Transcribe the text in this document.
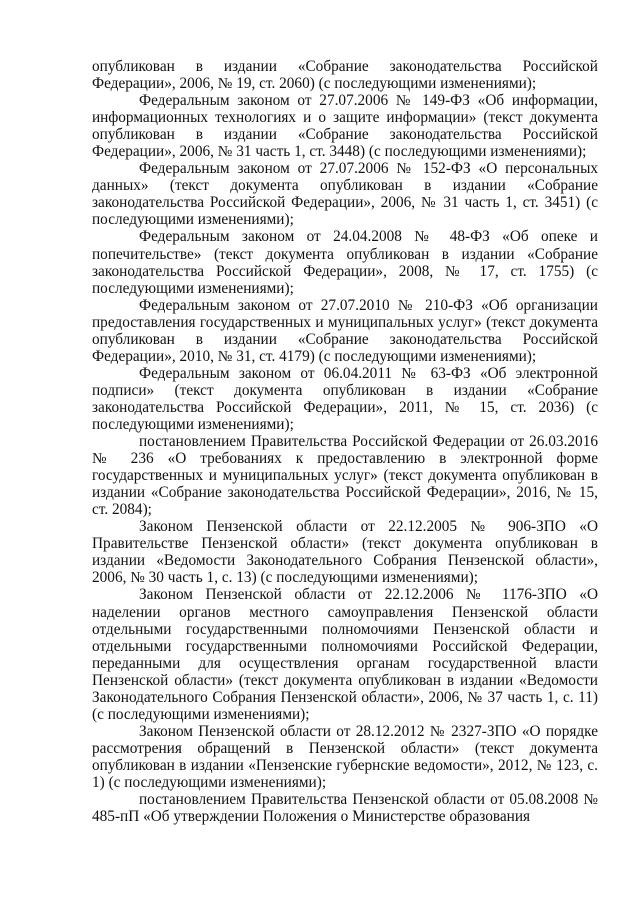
опубликован в издании «Собрание законодательства Российской Федерации», 2006, № 19, ст. 2060) (с последующими изменениями);

Федеральным законом от 27.07.2006 № 149-ФЗ «Об информации, информационных технологиях и о защите информации» (текст документа опубликован в издании «Собрание законодательства Российской Федерации», 2006, № 31 часть 1, ст. 3448) (с последующими изменениями);

Федеральным законом от 27.07.2006 № 152-ФЗ «О персональных данных» (текст документа опубликован в издании «Собрание законодательства Российской Федерации», 2006, № 31 часть 1, ст. 3451) (с последующими изменениями);

Федеральным законом от 24.04.2008 № 48-ФЗ «Об опеке и попечительстве» (текст документа опубликован в издании «Собрание законодательства Российской Федерации», 2008, № 17, ст. 1755) (с последующими изменениями);

Федеральным законом от 27.07.2010 № 210-ФЗ «Об организации предоставления государственных и муниципальных услуг» (текст документа опубликован в издании «Собрание законодательства Российской Федерации», 2010, № 31, ст. 4179) (с последующими изменениями);

Федеральным законом от 06.04.2011 № 63-ФЗ «Об электронной подписи» (текст документа опубликован в издании «Собрание законодательства Российской Федерации», 2011, № 15, ст. 2036) (с последующими изменениями);

постановлением Правительства Российской Федерации от 26.03.2016 № 236 «О требованиях к предоставлению в электронной форме государственных и муниципальных услуг» (текст документа опубликован в издании «Собрание законодательства Российской Федерации», 2016, № 15, ст. 2084);

Законом Пензенской области от 22.12.2005 № 906-ЗПО «О Правительстве Пензенской области» (текст документа опубликован в издании «Ведомости Законодательного Собрания Пензенской области», 2006, № 30 часть 1, с. 13) (с последующими изменениями);

Законом Пензенской области от 22.12.2006 № 1176-ЗПО «О наделении органов местного самоуправления Пензенской области отдельными государственными полномочиями Пензенской области и отдельными государственными полномочиями Российской Федерации, переданными для осуществления органам государственной власти Пензенской области» (текст документа опубликован в издании «Ведомости Законодательного Собрания Пензенской области», 2006, № 37 часть 1, с. 11) (с последующими изменениями);

Законом Пензенской области от 28.12.2012 № 2327-ЗПО «О порядке рассмотрения обращений в Пензенской области» (текст документа опубликован в издании «Пензенские губернские ведомости», 2012, № 123, с. 1) (с последующими изменениями);

постановлением Правительства Пензенской области от 05.08.2008 № 485-пП «Об утверждении Положения о Министерстве образования
